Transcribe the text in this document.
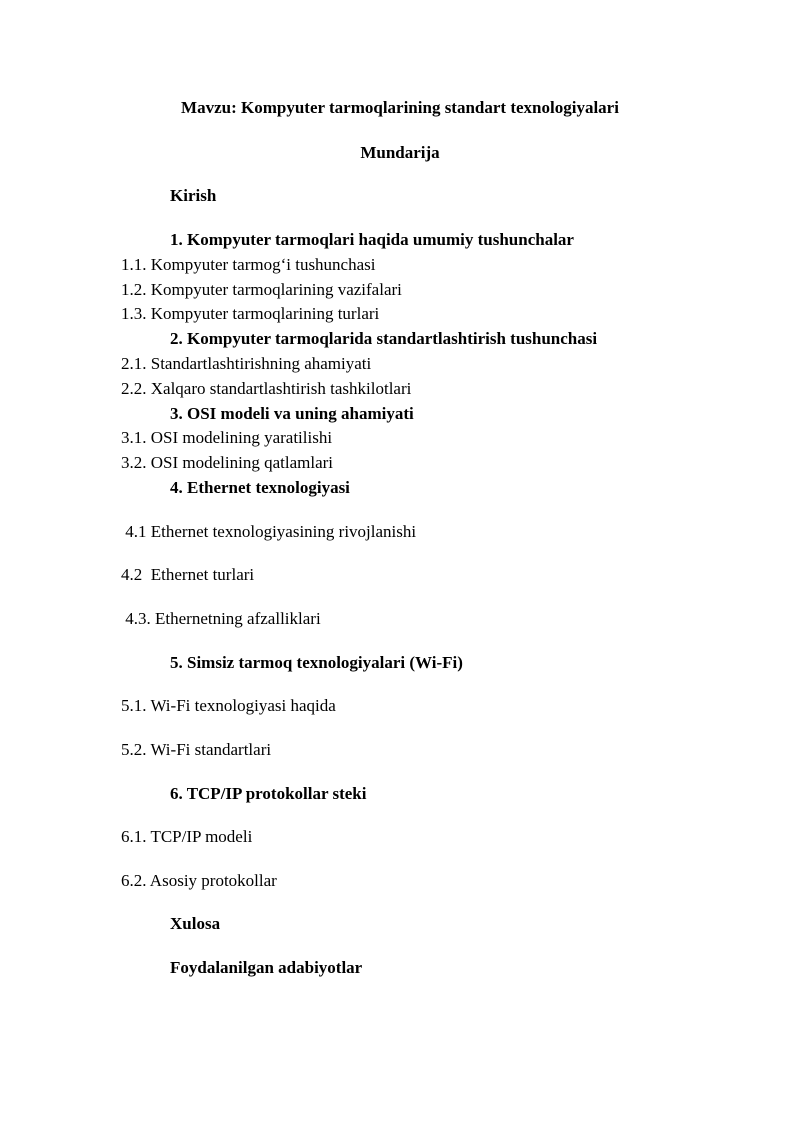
Mavzu: Kompyuter tarmoqlarining standart texnologiyalari
Mundarija
Kirish
1. Kompyuter tarmoqlari haqida umumiy tushunchalar
1.1. Kompyuter tarmog‘i tushunchasi
1.2. Kompyuter tarmoqlarining vazifalari
1.3. Kompyuter tarmoqlarining turlari
2. Kompyuter tarmoqlarida standartlashtirish tushunchasi
2.1. Standartlashtirishning ahamiyati
2.2. Xalqaro standartlashtirish tashkilotlari
3. OSI modeli va uning ahamiyati
3.1. OSI modelining yaratilishi
3.2. OSI modelining qatlamlari
4. Ethernet texnologiyasi
4.1 Ethernet texnologiyasining rivojlanishi
4.2  Ethernet turlari
4.3. Ethernetning afzalliklari
5. Simsiz tarmoq texnologiyalari (Wi-Fi)
5.1. Wi-Fi texnologiyasi haqida
5.2. Wi-Fi standartlari
6. TCP/IP protokollar steki
6.1. TCP/IP modeli
6.2. Asosiy protokollar
Xulosa
Foydalanilgan adabiyotlar
